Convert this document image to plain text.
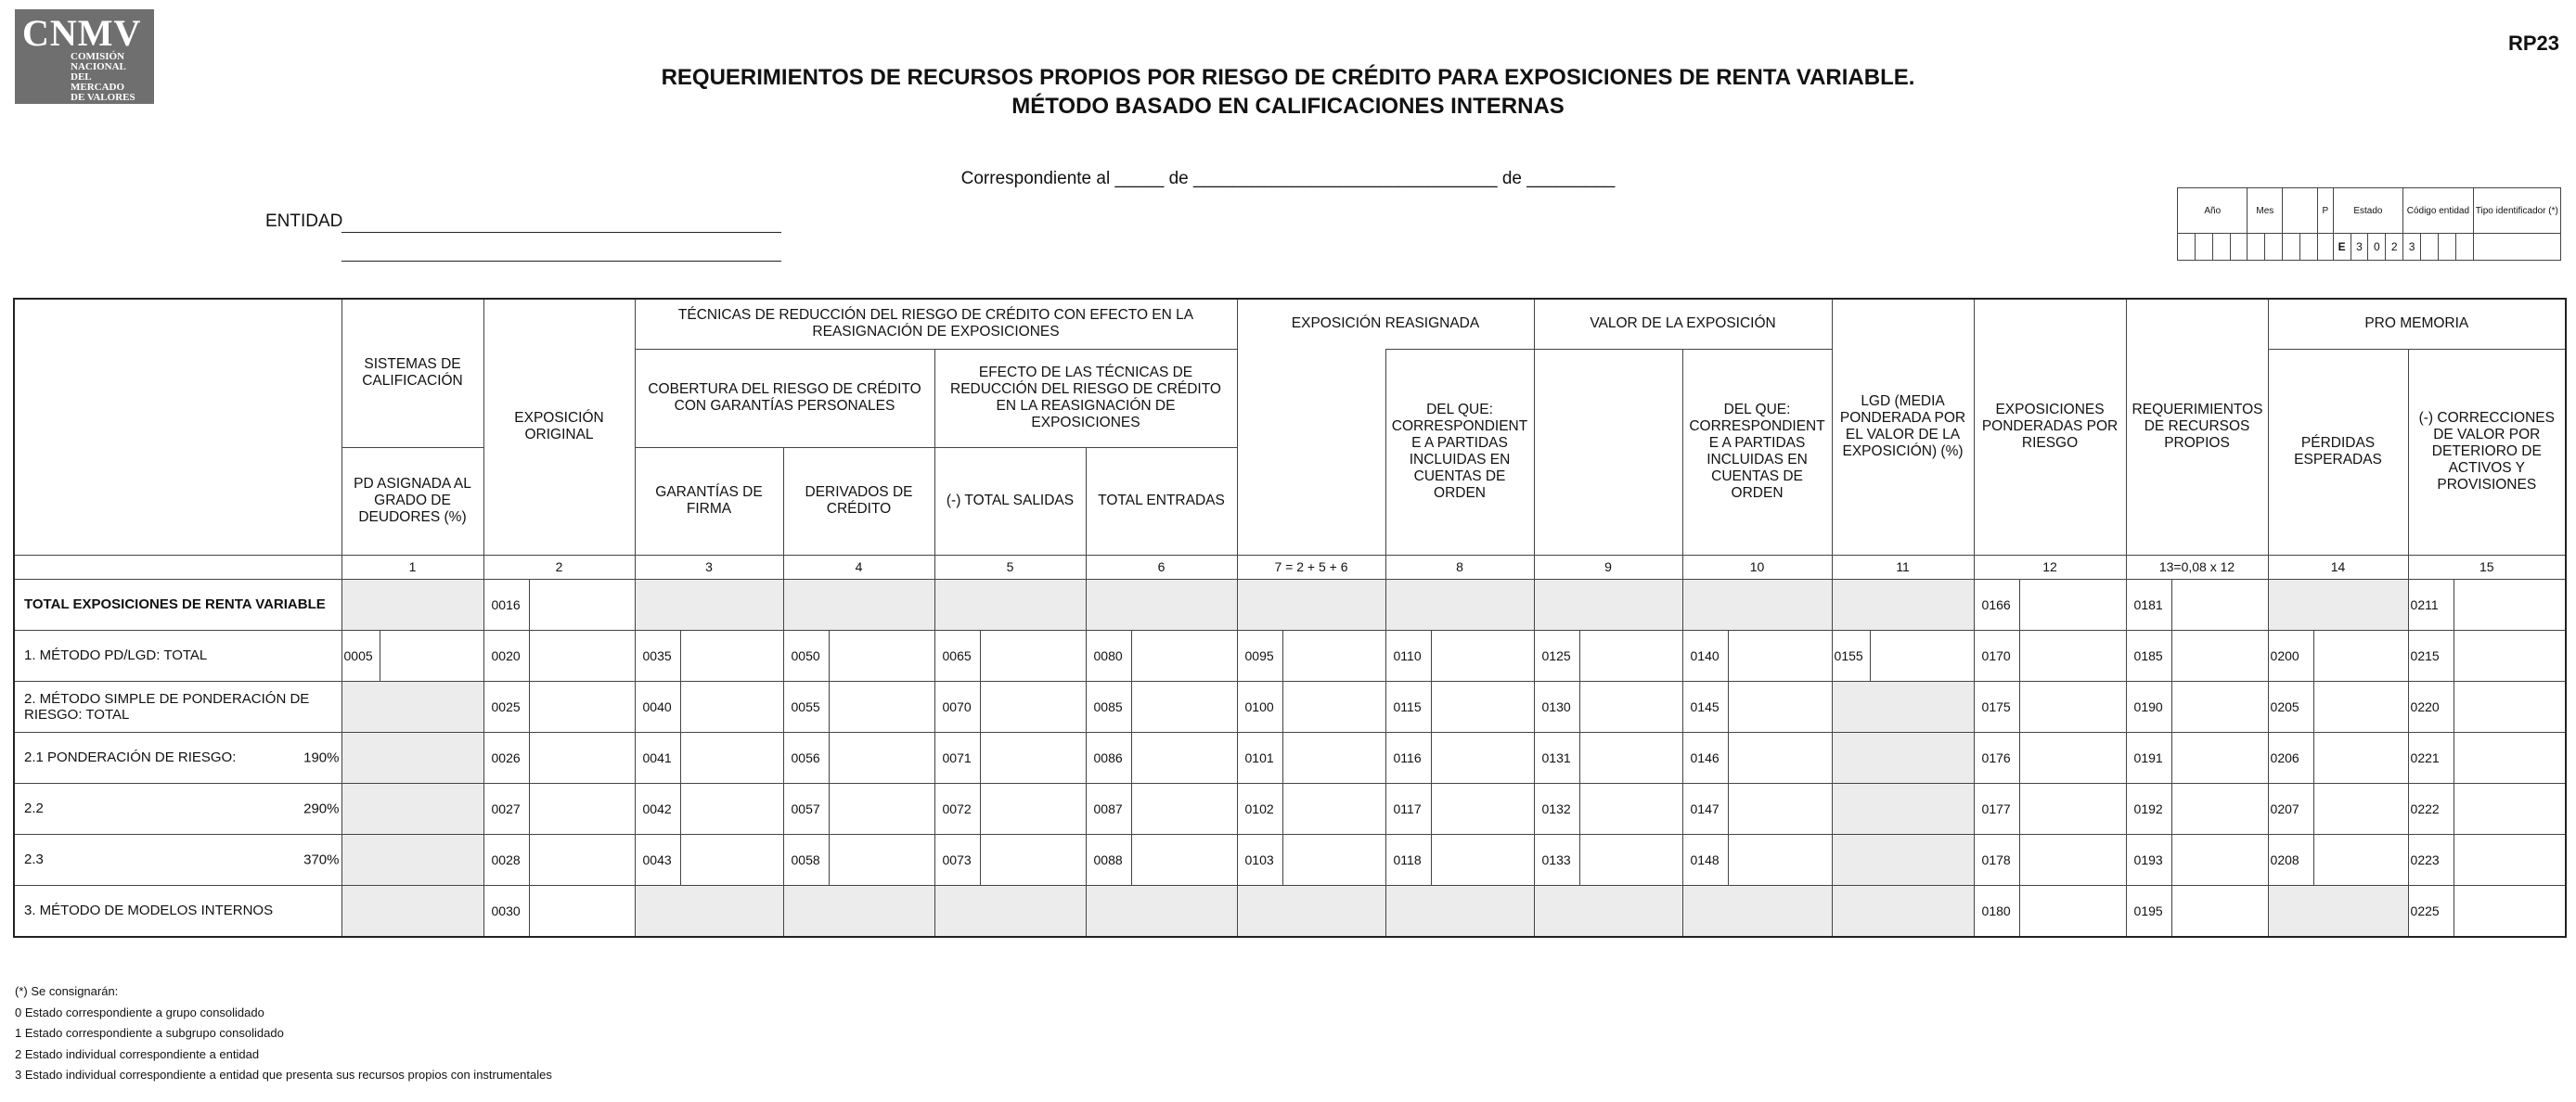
CNMV
COMISIÓN
NACIONAL
DEL MERCADO
DE VALORES
RP23
REQUERIMIENTOS DE RECURSOS PROPIOS POR RIESGO DE CRÉDITO PARA EXPOSICIONES DE RENTA VARIABLE.
MÉTODO BASADO EN CALIFICACIONES INTERNAS
Correspondiente al _____ de _______________________________ de _________
ENTIDAD
Año				Mes				P	Estado				Código entidad				Tipo identificador (*)
									E	3	0	2	3				
	SISTEMAS DE CALIFICACIÓN	EXPOSICIÓN ORIGINAL	TÉCNICAS DE REDUCCIÓN DEL RIESGO DE CRÉDITO CON EFECTO EN LA REASIGNACIÓN DE EXPOSICIONES				EXPOSICIÓN REASIGNADA		VALOR DE LA EXPOSICIÓN		LGD (MEDIA PONDERADA POR EL VALOR DE LA EXPOSICIÓN) (%)	EXPOSICIONES PONDERADAS POR RIESGO	REQUERIMIENTOS DE RECURSOS PROPIOS	PRO MEMORIA	
			COBERTURA DEL RIESGO DE CRÉDITO CON GARANTÍAS PERSONALES		EFECTO DE LAS TÉCNICAS DE REDUCCIÓN DEL RIESGO DE CRÉDITO EN LA REASIGNACIÓN DE EXPOSICIONES			DEL QUE: CORRESPONDIENT E A PARTIDAS INCLUIDAS EN CUENTAS DE ORDEN		DEL QUE: CORRESPONDIENT E A PARTIDAS INCLUIDAS EN CUENTAS DE ORDEN				PÉRDIDAS ESPERADAS	(-) CORRECCIONES DE VALOR POR DETERIORO DE ACTIVOS Y PROVISIONES
	PD ASIGNADA AL GRADO DE DEUDORES (%)		GARANTÍAS DE FIRMA	DERIVADOS DE CRÉDITO	(-) TOTAL SALIDAS	TOTAL ENTRADAS									
	1	2	3	4	5	6	7 = 2 + 5 + 6	8	9	10	11	12	13=0,08 x 12	14	15
TOTAL EXPOSICIONES DE RENTA VARIABLE		0016										0166	0181		0211

1. MÉTODO PD/LGD: TOTAL	0005	0020	0035	0050	0065	0080	0095	0110	0125	0140	0155	0170	0185	0200	0215

2. MÉTODO SIMPLE DE PONDERACIÓN DE RIESGO: TOTAL		0025	0040	0055	0070	0085	0100	0115	0130	0145		0175	0190	0205	0220

2.1 PONDERACIÓN DE RIESGO: 190%		0026	0041	0056	0071	0086	0101	0116	0131	0146		0176	0191	0206	0221

2.2 290%		0027	0042	0057	0072	0087	0102	0117	0132	0147		0177	0192	0207	0222

2.3 370%		0028	0043	0058	0073	0088	0103	0118	0133	0148		0178	0193	0208	0223

3. MÉTODO DE MODELOS INTERNOS		0030										0180	0195		0225
(*) Se consignarán:
0 Estado correspondiente a grupo consolidado
1 Estado correspondiente a subgrupo consolidado
2 Estado individual correspondiente a entidad
3 Estado individual correspondiente a entidad que presenta sus recursos propios con instrumentales
